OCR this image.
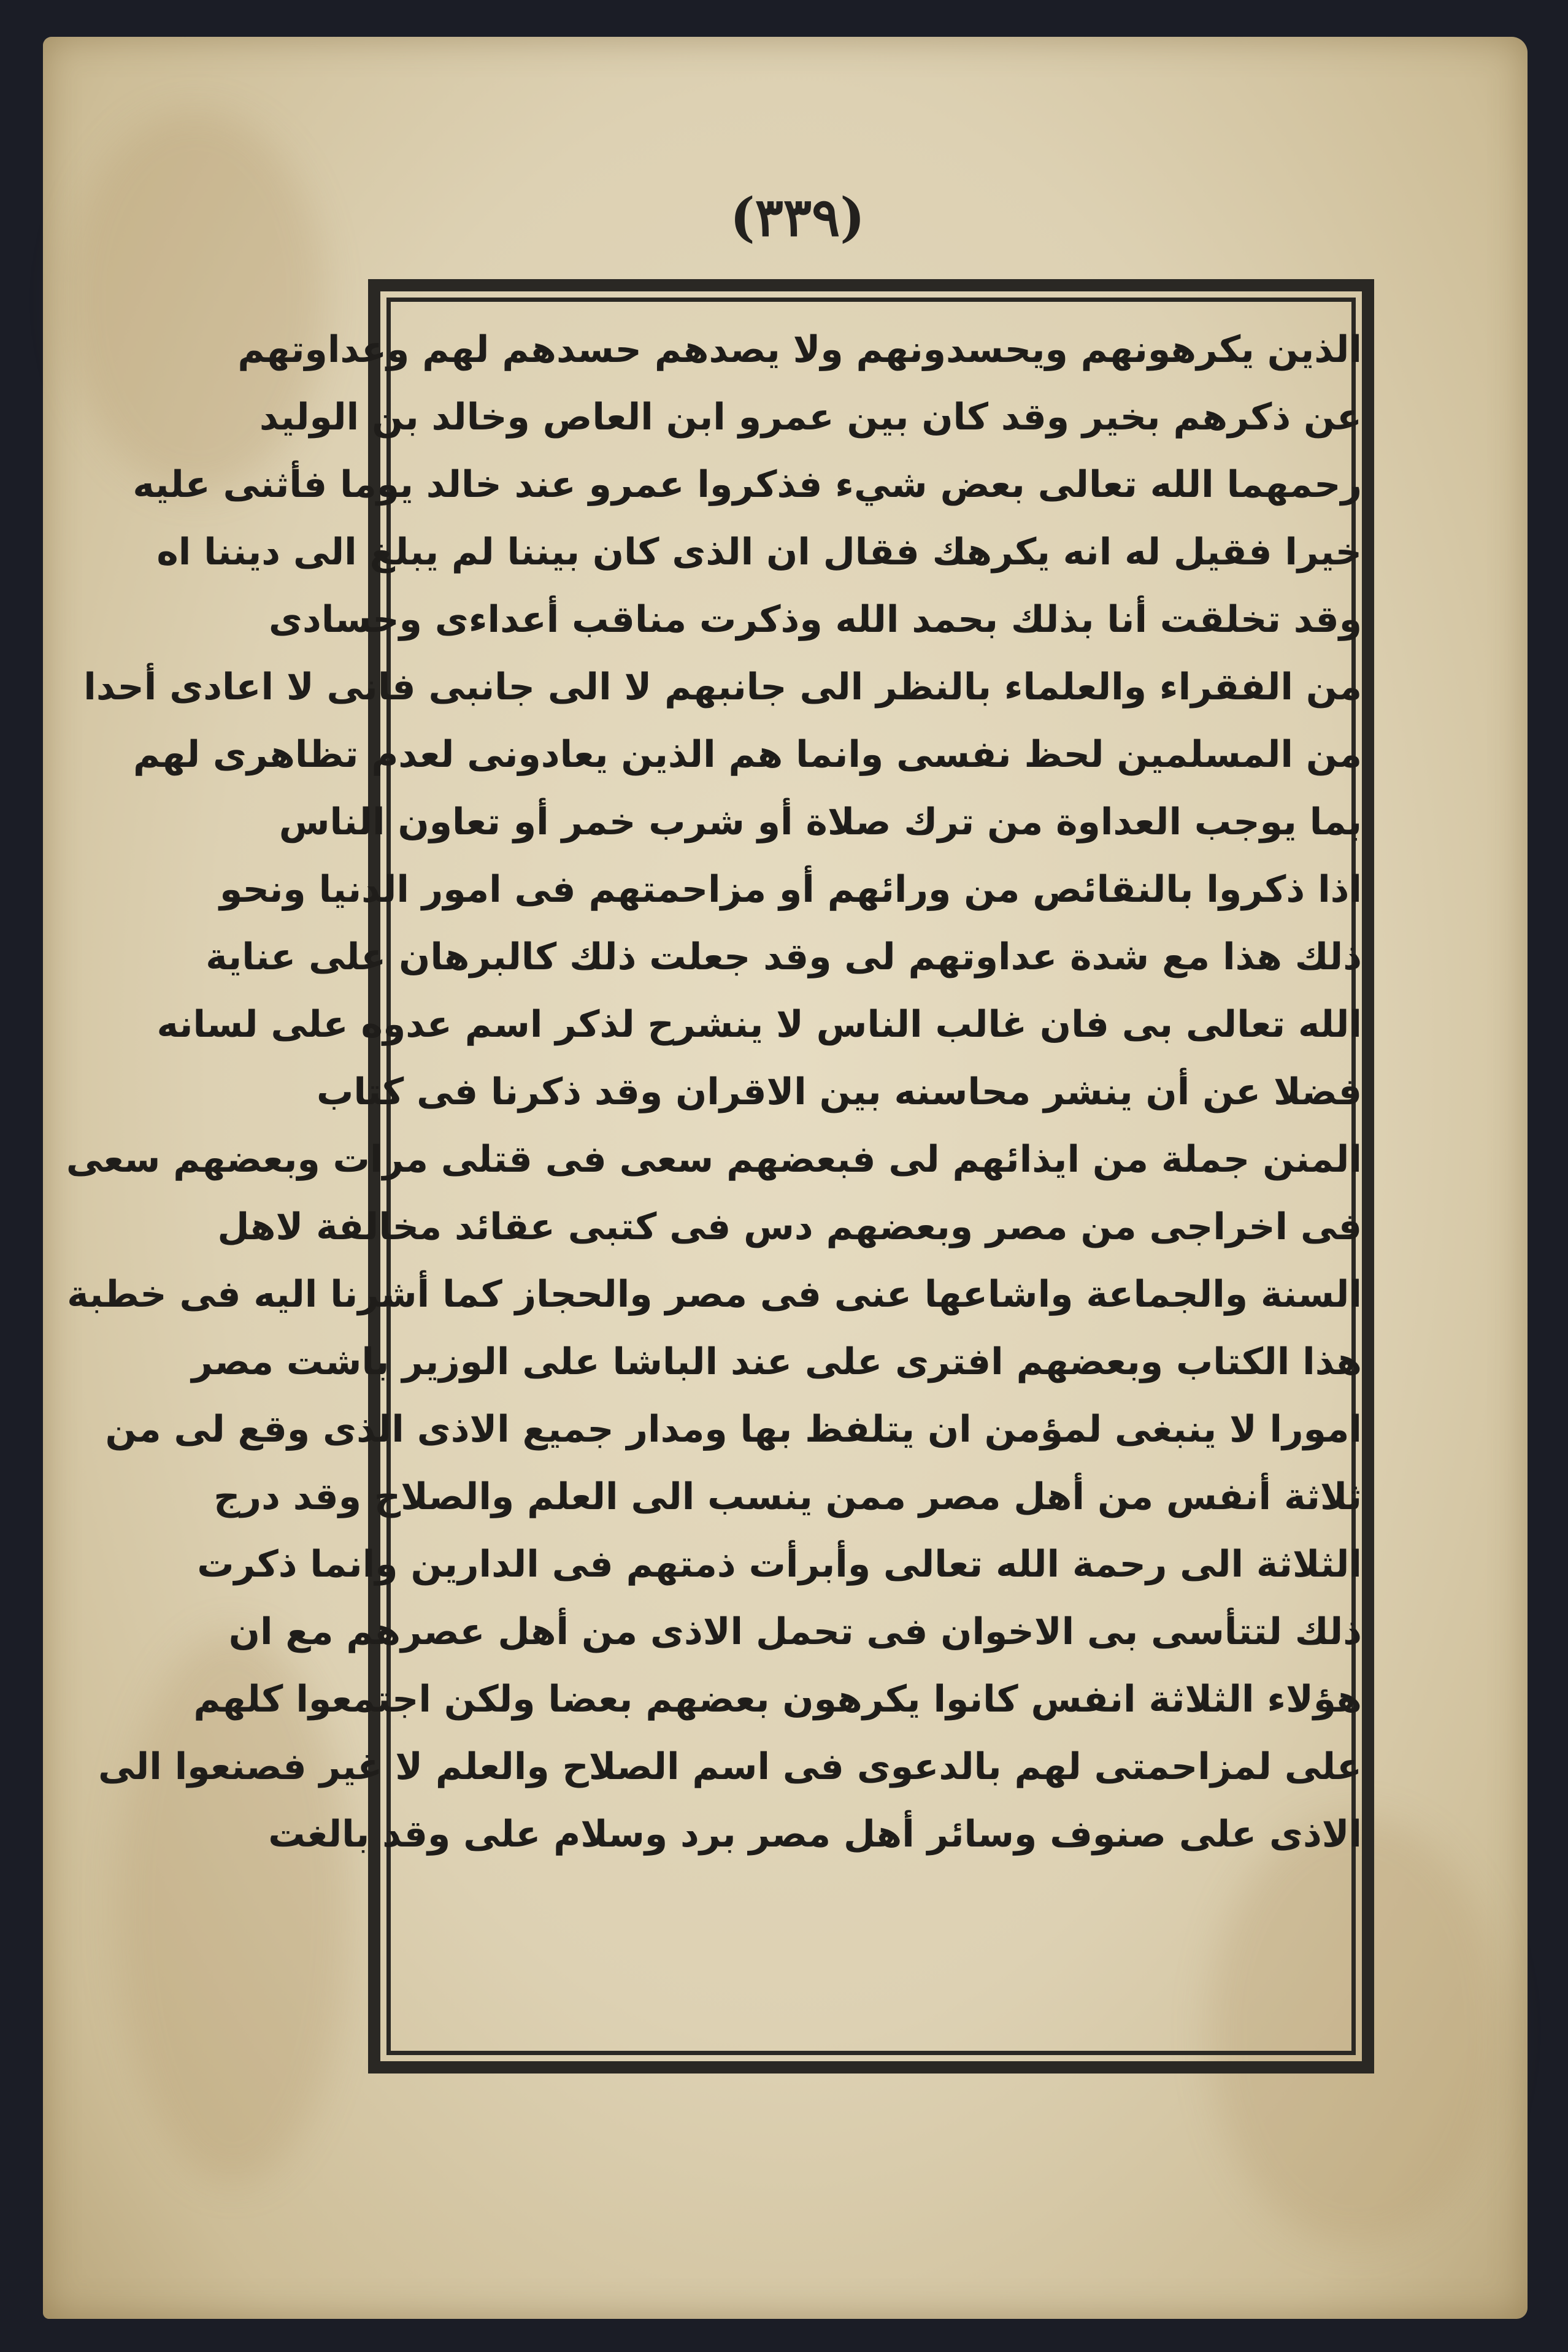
(٣٣٩)
الذين يكرهونهم ويحسدونهم ولا يصدهم حسدهم لهم وعداوتهم
عن ذكرهم بخير وقد كان بين عمرو ابن العاص وخالد بن الوليد
رحمهما الله تعالى بعض شيء فذكروا عمرو عند خالد يوما فأثنى عليه
خيرا فقيل له انه يكرهك فقال ان الذى كان بيننا لم يبلغ الى ديننا اه
وقد تخلقت أنا بذلك بحمد الله وذكرت مناقب أعداءى وحسادى
من الفقراء والعلماء بالنظر الى جانبهم لا الى جانبى فانى لا اعادى أحدا
من المسلمين لحظ نفسى وانما هم الذين يعادونى لعدم تظاهرى لهم
بما يوجب العداوة من ترك صلاة أو شرب خمر أو تعاون الناس
اذا ذكروا بالنقائص من ورائهم أو مزاحمتهم فى امور الدنيا ونحو
ذلك هذا مع شدة عداوتهم لى وقد جعلت ذلك كالبرهان على عناية
الله تعالى بى فان غالب الناس لا ينشرح لذكر اسم عدوه على لسانه
فضلا عن أن ينشر محاسنه بين الاقران وقد ذكرنا فى كتاب
المنن جملة من ايذائهم لى فبعضهم سعى فى قتلى مرات وبعضهم سعى
فى اخراجى من مصر وبعضهم دس فى كتبى عقائد مخالفة لاهل
السنة والجماعة واشاعها عنى فى مصر والحجاز كما أشرنا اليه فى خطبة
هذا الكتاب وبعضهم افترى على عند الباشا على الوزير باشت مصر
امورا لا ينبغى لمؤمن ان يتلفظ بها ومدار جميع الاذى الذى وقع لى من
ثلاثة أنفس من أهل مصر ممن ينسب الى العلم والصلاح وقد درج
الثلاثة الى رحمة الله تعالى وأبرأت ذمتهم فى الدارين وانما ذكرت
ذلك لتتأسى بى الاخوان فى تحمل الاذى من أهل عصرهم مع ان
هؤلاء الثلاثة انفس كانوا يكرهون بعضهم بعضا ولكن اجتمعوا كلهم
على لمزاحمتى لهم بالدعوى فى اسم الصلاح والعلم لا غير فصنعوا الى
الاذى على صنوف وسائر أهل مصر برد وسلام على وقد بالغت
